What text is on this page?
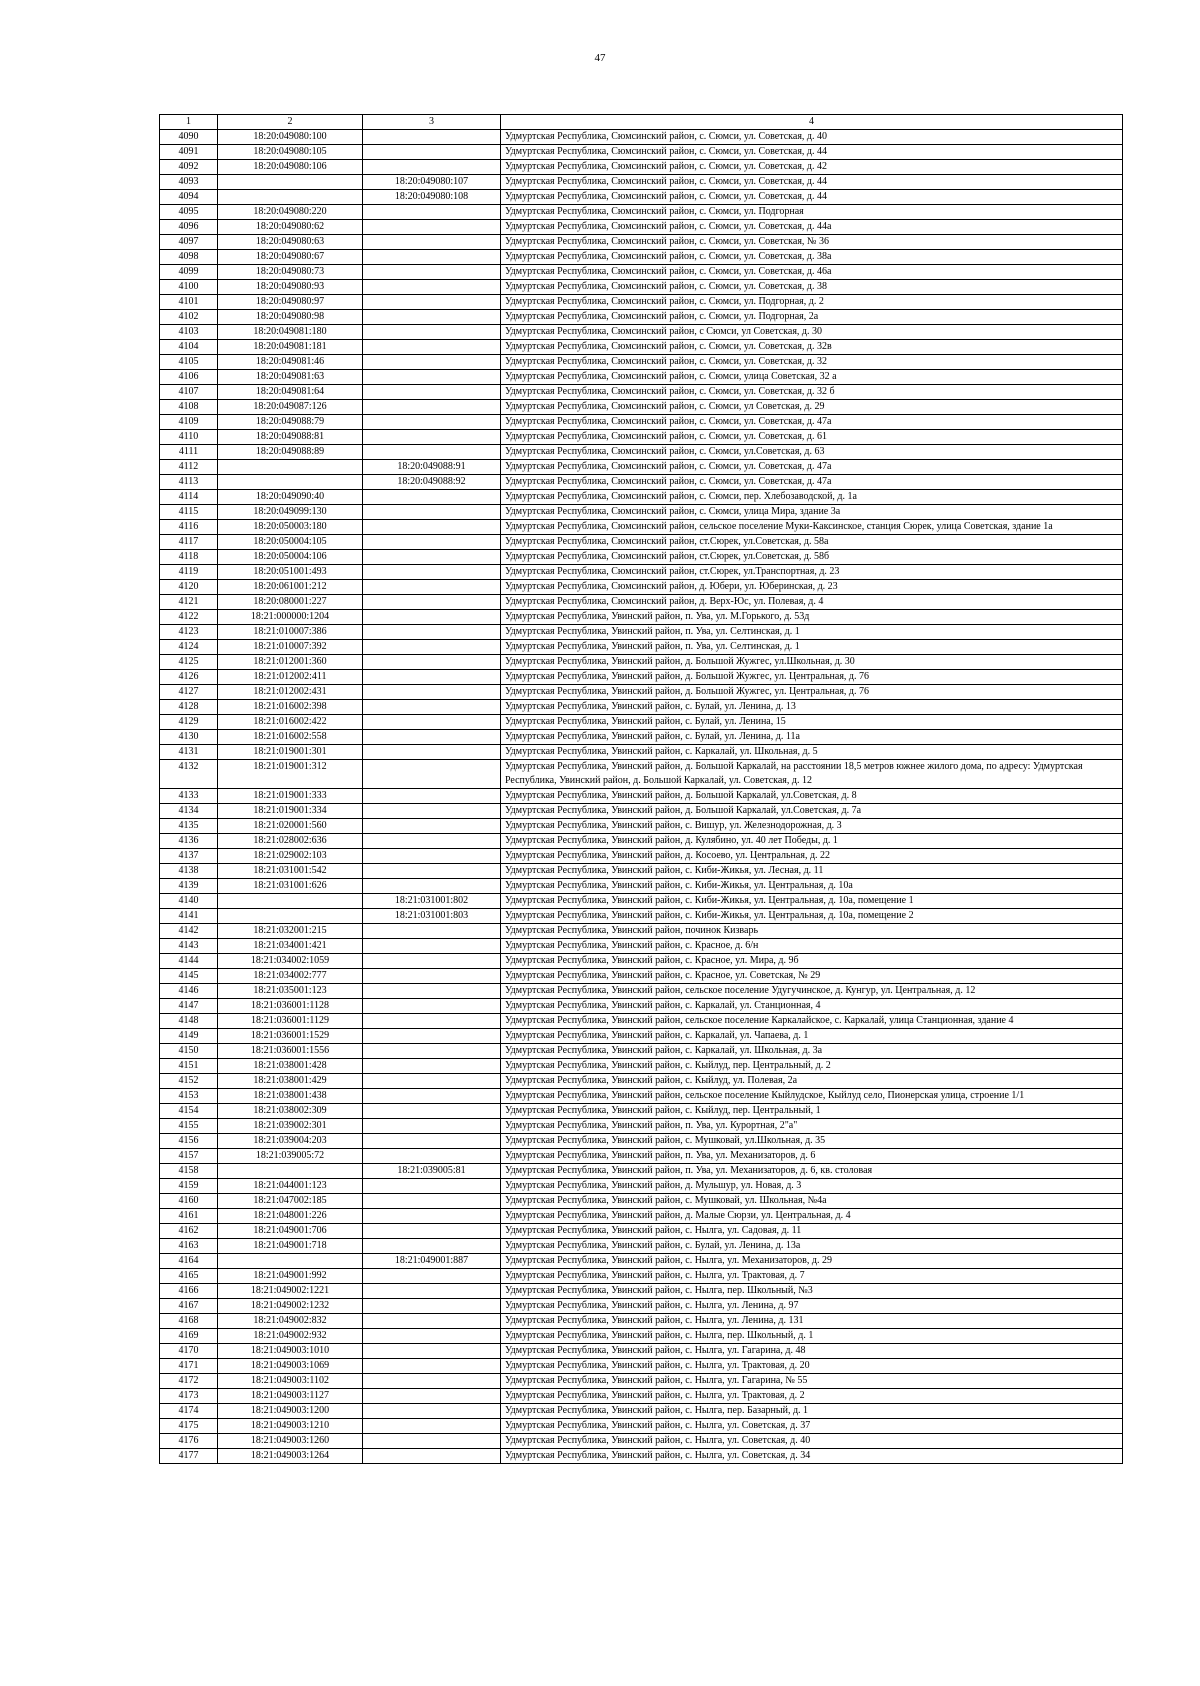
47
1	2	3	4
4090	18:20:049080:100		Удмуртская Республика, Сюмсинский район, с. Сюмси, ул. Советская, д. 40
4091	18:20:049080:105		Удмуртская Республика, Сюмсинский район, с. Сюмси, ул. Советская, д. 44
4092	18:20:049080:106		Удмуртская Республика, Сюмсинский район, с. Сюмси, ул. Советская, д. 42
4093		18:20:049080:107	Удмуртская Республика, Сюмсинский район, с. Сюмси, ул. Советская, д. 44
4094		18:20:049080:108	Удмуртская Республика, Сюмсинский район, с. Сюмси, ул. Советская, д. 44
4095	18:20:049080:220		Удмуртская Республика, Сюмсинский район, с. Сюмси, ул. Подгорная
4096	18:20:049080:62		Удмуртская Республика, Сюмсинский район, с. Сюмси, ул. Советская, д. 44а
4097	18:20:049080:63		Удмуртская Республика, Сюмсинский район, с. Сюмси, ул. Советская, № 36
4098	18:20:049080:67		Удмуртская Республика, Сюмсинский район, с. Сюмси, ул. Советская, д. 38а
4099	18:20:049080:73		Удмуртская Республика, Сюмсинский район, с. Сюмси, ул. Советская, д. 46а
4100	18:20:049080:93		Удмуртская Республика, Сюмсинский район, с. Сюмси, ул. Советская, д. 38
4101	18:20:049080:97		Удмуртская Республика, Сюмсинский район, с. Сюмси, ул. Подгорная, д. 2
4102	18:20:049080:98		Удмуртская Республика, Сюмсинский район, с. Сюмси, ул. Подгорная, 2а
4103	18:20:049081:180		Удмуртская Республика, Сюмсинский район, с Сюмси, ул Советская, д. 30
4104	18:20:049081:181		Удмуртская Республика, Сюмсинский район, с. Сюмси, ул. Советская, д. 32в
4105	18:20:049081:46		Удмуртская Республика, Сюмсинский район, с. Сюмси, ул. Советская, д. 32
4106	18:20:049081:63		Удмуртская Республика, Сюмсинский район, с. Сюмси, улица Советская, 32 а
4107	18:20:049081:64		Удмуртская Республика, Сюмсинский район, с. Сюмси, ул. Советская, д. 32 б
4108	18:20:049087:126		Удмуртская Республика, Сюмсинский район, с. Сюмси, ул Советская, д. 29
4109	18:20:049088:79		Удмуртская Республика, Сюмсинский район, с. Сюмси, ул. Советская, д. 47а
4110	18:20:049088:81		Удмуртская Республика, Сюмсинский район, с. Сюмси, ул. Советская, д. 61
4111	18:20:049088:89		Удмуртская Республика, Сюмсинский район, с. Сюмси, ул.Советская, д. 63
4112		18:20:049088:91	Удмуртская Республика, Сюмсинский район, с. Сюмси, ул. Советская, д. 47а
4113		18:20:049088:92	Удмуртская Республика, Сюмсинский район, с. Сюмси, ул. Советская, д. 47а
4114	18:20:049090:40		Удмуртская Республика, Сюмсинский район, с. Сюмси, пер. Хлебозаводской, д. 1а
4115	18:20:049099:130		Удмуртская Республика, Сюмсинский район, с. Сюмси, улица Мира, здание 3а
4116	18:20:050003:180		Удмуртская Республика, Сюмсинский район, сельское поселение Муки-Каксинское, станция Сюрек, улица Советская, здание 1а
4117	18:20:050004:105		Удмуртская Республика, Сюмсинский район, ст.Сюрек, ул.Советская, д. 58а
4118	18:20:050004:106		Удмуртская Республика, Сюмсинский район, ст.Сюрек, ул.Советская, д. 58б
4119	18:20:051001:493		Удмуртская Республика, Сюмсинский район, ст.Сюрек, ул.Транспортная, д. 23
4120	18:20:061001:212		Удмуртская Республика, Сюмсинский район, д. Юбери, ул. Юберинская, д. 23
4121	18:20:080001:227		Удмуртская Республика, Сюмсинский район, д. Верх-Юс, ул. Полевая, д. 4
4122	18:21:000000:1204		Удмуртская Республика, Увинский район, п. Ува, ул. М.Горького, д. 53д
4123	18:21:010007:386		Удмуртская Республика, Увинский район, п. Ува, ул. Селтинская, д. 1
4124	18:21:010007:392		Удмуртская Республика, Увинский район, п. Ува, ул. Селтинская, д. 1
4125	18:21:012001:360		Удмуртская Республика, Увинский район, д. Большой Жужгес, ул.Школьная, д. 30
4126	18:21:012002:411		Удмуртская Республика, Увинский район, д. Большой Жужгес, ул. Центральная, д. 76
4127	18:21:012002:431		Удмуртская Республика, Увинский район, д. Большой Жужгес, ул. Центральная, д. 76
4128	18:21:016002:398		Удмуртская Республика, Увинский район, с. Булай, ул. Ленина, д. 13
4129	18:21:016002:422		Удмуртская Республика, Увинский район, с. Булай, ул. Ленина, 15
4130	18:21:016002:558		Удмуртская Республика, Увинский район, с. Булай, ул. Ленина, д. 11а
4131	18:21:019001:301		Удмуртская Республика, Увинский район, с. Каркалай, ул. Школьная, д. 5
4132	18:21:019001:312		Удмуртская Республика, Увинский район, д. Большой Каркалай, на расстоянии 18,5 метров южнее жилого дома, по адресу: Удмуртская Республика, Увинский район, д. Большой Каркалай, ул. Советская, д. 12
4133	18:21:019001:333		Удмуртская Республика, Увинский район, д. Большой Каркалай, ул.Советская, д. 8
4134	18:21:019001:334		Удмуртская Республика, Увинский район, д. Большой Каркалай, ул.Советская, д. 7а
4135	18:21:020001:560		Удмуртская Республика, Увинский район, с. Вишур, ул. Железнодорожная, д. 3
4136	18:21:028002:636		Удмуртская Республика, Увинский район, д. Кулябино, ул. 40 лет Победы, д. 1
4137	18:21:029002:103		Удмуртская Республика, Увинский район, д. Косоево, ул. Центральная, д. 22
4138	18:21:031001:542		Удмуртская Республика, Увинский район, с. Киби-Жикья, ул. Лесная, д. 11
4139	18:21:031001:626		Удмуртская Республика, Увинский район, с. Киби-Жикья, ул. Центральная, д. 10а
4140		18:21:031001:802	Удмуртская Республика, Увинский район, с. Киби-Жикья, ул. Центральная, д. 10а, помещение 1
4141		18:21:031001:803	Удмуртская Республика, Увинский район, с. Киби-Жикья, ул. Центральная, д. 10а, помещение 2
4142	18:21:032001:215		Удмуртская Республика, Увинский район, починок Кизварь
4143	18:21:034001:421		Удмуртская Республика, Увинский район, с. Красное, д. 6/н
4144	18:21:034002:1059		Удмуртская Республика, Увинский район, с. Красное, ул. Мира, д. 9б
4145	18:21:034002:777		Удмуртская Республика, Увинский район, с. Красное, ул. Советская, № 29
4146	18:21:035001:123		Удмуртская Республика, Увинский район, сельское поселение Удугучинское, д. Кунгур, ул. Центральная, д. 12
4147	18:21:036001:1128		Удмуртская Республика, Увинский район, с. Каркалай, ул. Станционная, 4
4148	18:21:036001:1129		Удмуртская Республика, Увинский район, сельское поселение Каркалайское, с. Каркалай, улица Станционная, здание 4
4149	18:21:036001:1529		Удмуртская Республика, Увинский район, с. Каркалай, ул. Чапаева, д. 1
4150	18:21:036001:1556		Удмуртская Республика, Увинский район, с. Каркалай, ул. Школьная, д. 3а
4151	18:21:038001:428		Удмуртская Республика, Увинский район, с. Кыйлуд, пер. Центральный, д. 2
4152	18:21:038001:429		Удмуртская Республика, Увинский район, с. Кыйлуд, ул. Полевая, 2а
4153	18:21:038001:438		Удмуртская Республика, Увинский район, сельское поселение Кыйлудское, Кыйлуд село, Пионерская улица, строение 1/1
4154	18:21:038002:309		Удмуртская Республика, Увинский район, с. Кыйлуд, пер. Центральный, 1
4155	18:21:039002:301		Удмуртская Республика, Увинский район, п. Ува, ул. Курортная, 2"а"
4156	18:21:039004:203		Удмуртская Республика, Увинский район, с. Мушковай, ул.Школьная, д. 35
4157	18:21:039005:72		Удмуртская Республика, Увинский район, п. Ува, ул. Механизаторов, д. 6
4158		18:21:039005:81	Удмуртская Республика, Увинский район, п. Ува, ул. Механизаторов, д. 6, кв. столовая
4159	18:21:044001:123		Удмуртская Республика, Увинский район, д. Мульшур, ул. Новая, д. 3
4160	18:21:047002:185		Удмуртская Республика, Увинский район, с. Мушковай, ул. Школьная, №4а
4161	18:21:048001:226		Удмуртская Республика, Увинский район, д. Малые Сюрзи, ул. Центральная, д. 4
4162	18:21:049001:706		Удмуртская Республика, Увинский район, с. Нылга, ул. Садовая, д. 11
4163	18:21:049001:718		Удмуртская Республика, Увинский район, с. Булай, ул. Ленина, д. 13а
4164		18:21:049001:887	Удмуртская Республика, Увинский район, с. Нылга, ул. Механизаторов, д. 29
4165	18:21:049001:992		Удмуртская Республика, Увинский район, с. Нылга, ул. Трактовая, д. 7
4166	18:21:049002:1221		Удмуртская Республика, Увинский район, с. Нылга, пер. Школьный, №3
4167	18:21:049002:1232		Удмуртская Республика, Увинский район, с. Нылга, ул. Ленина, д. 97
4168	18:21:049002:832		Удмуртская Республика, Увинский район, с. Нылга, ул. Ленина, д. 131
4169	18:21:049002:932		Удмуртская Республика, Увинский район, с. Нылга, пер. Школьный, д. 1
4170	18:21:049003:1010		Удмуртская Республика, Увинский район, с. Нылга, ул. Гагарина, д. 48
4171	18:21:049003:1069		Удмуртская Республика, Увинский район, с. Нылга, ул. Трактовая, д. 20
4172	18:21:049003:1102		Удмуртская Республика, Увинский район, с. Нылга, ул. Гагарина, № 55
4173	18:21:049003:1127		Удмуртская Республика, Увинский район, с. Нылга, ул. Трактовая, д. 2
4174	18:21:049003:1200		Удмуртская Республика, Увинский район, с. Нылга, пер. Базарный, д. 1
4175	18:21:049003:1210		Удмуртская Республика, Увинский район, с. Нылга, ул. Советская, д. 37
4176	18:21:049003:1260		Удмуртская Республика, Увинский район, с. Нылга, ул. Советская, д. 40
4177	18:21:049003:1264		Удмуртская Республика, Увинский район, с. Нылга, ул. Советская, д. 34
